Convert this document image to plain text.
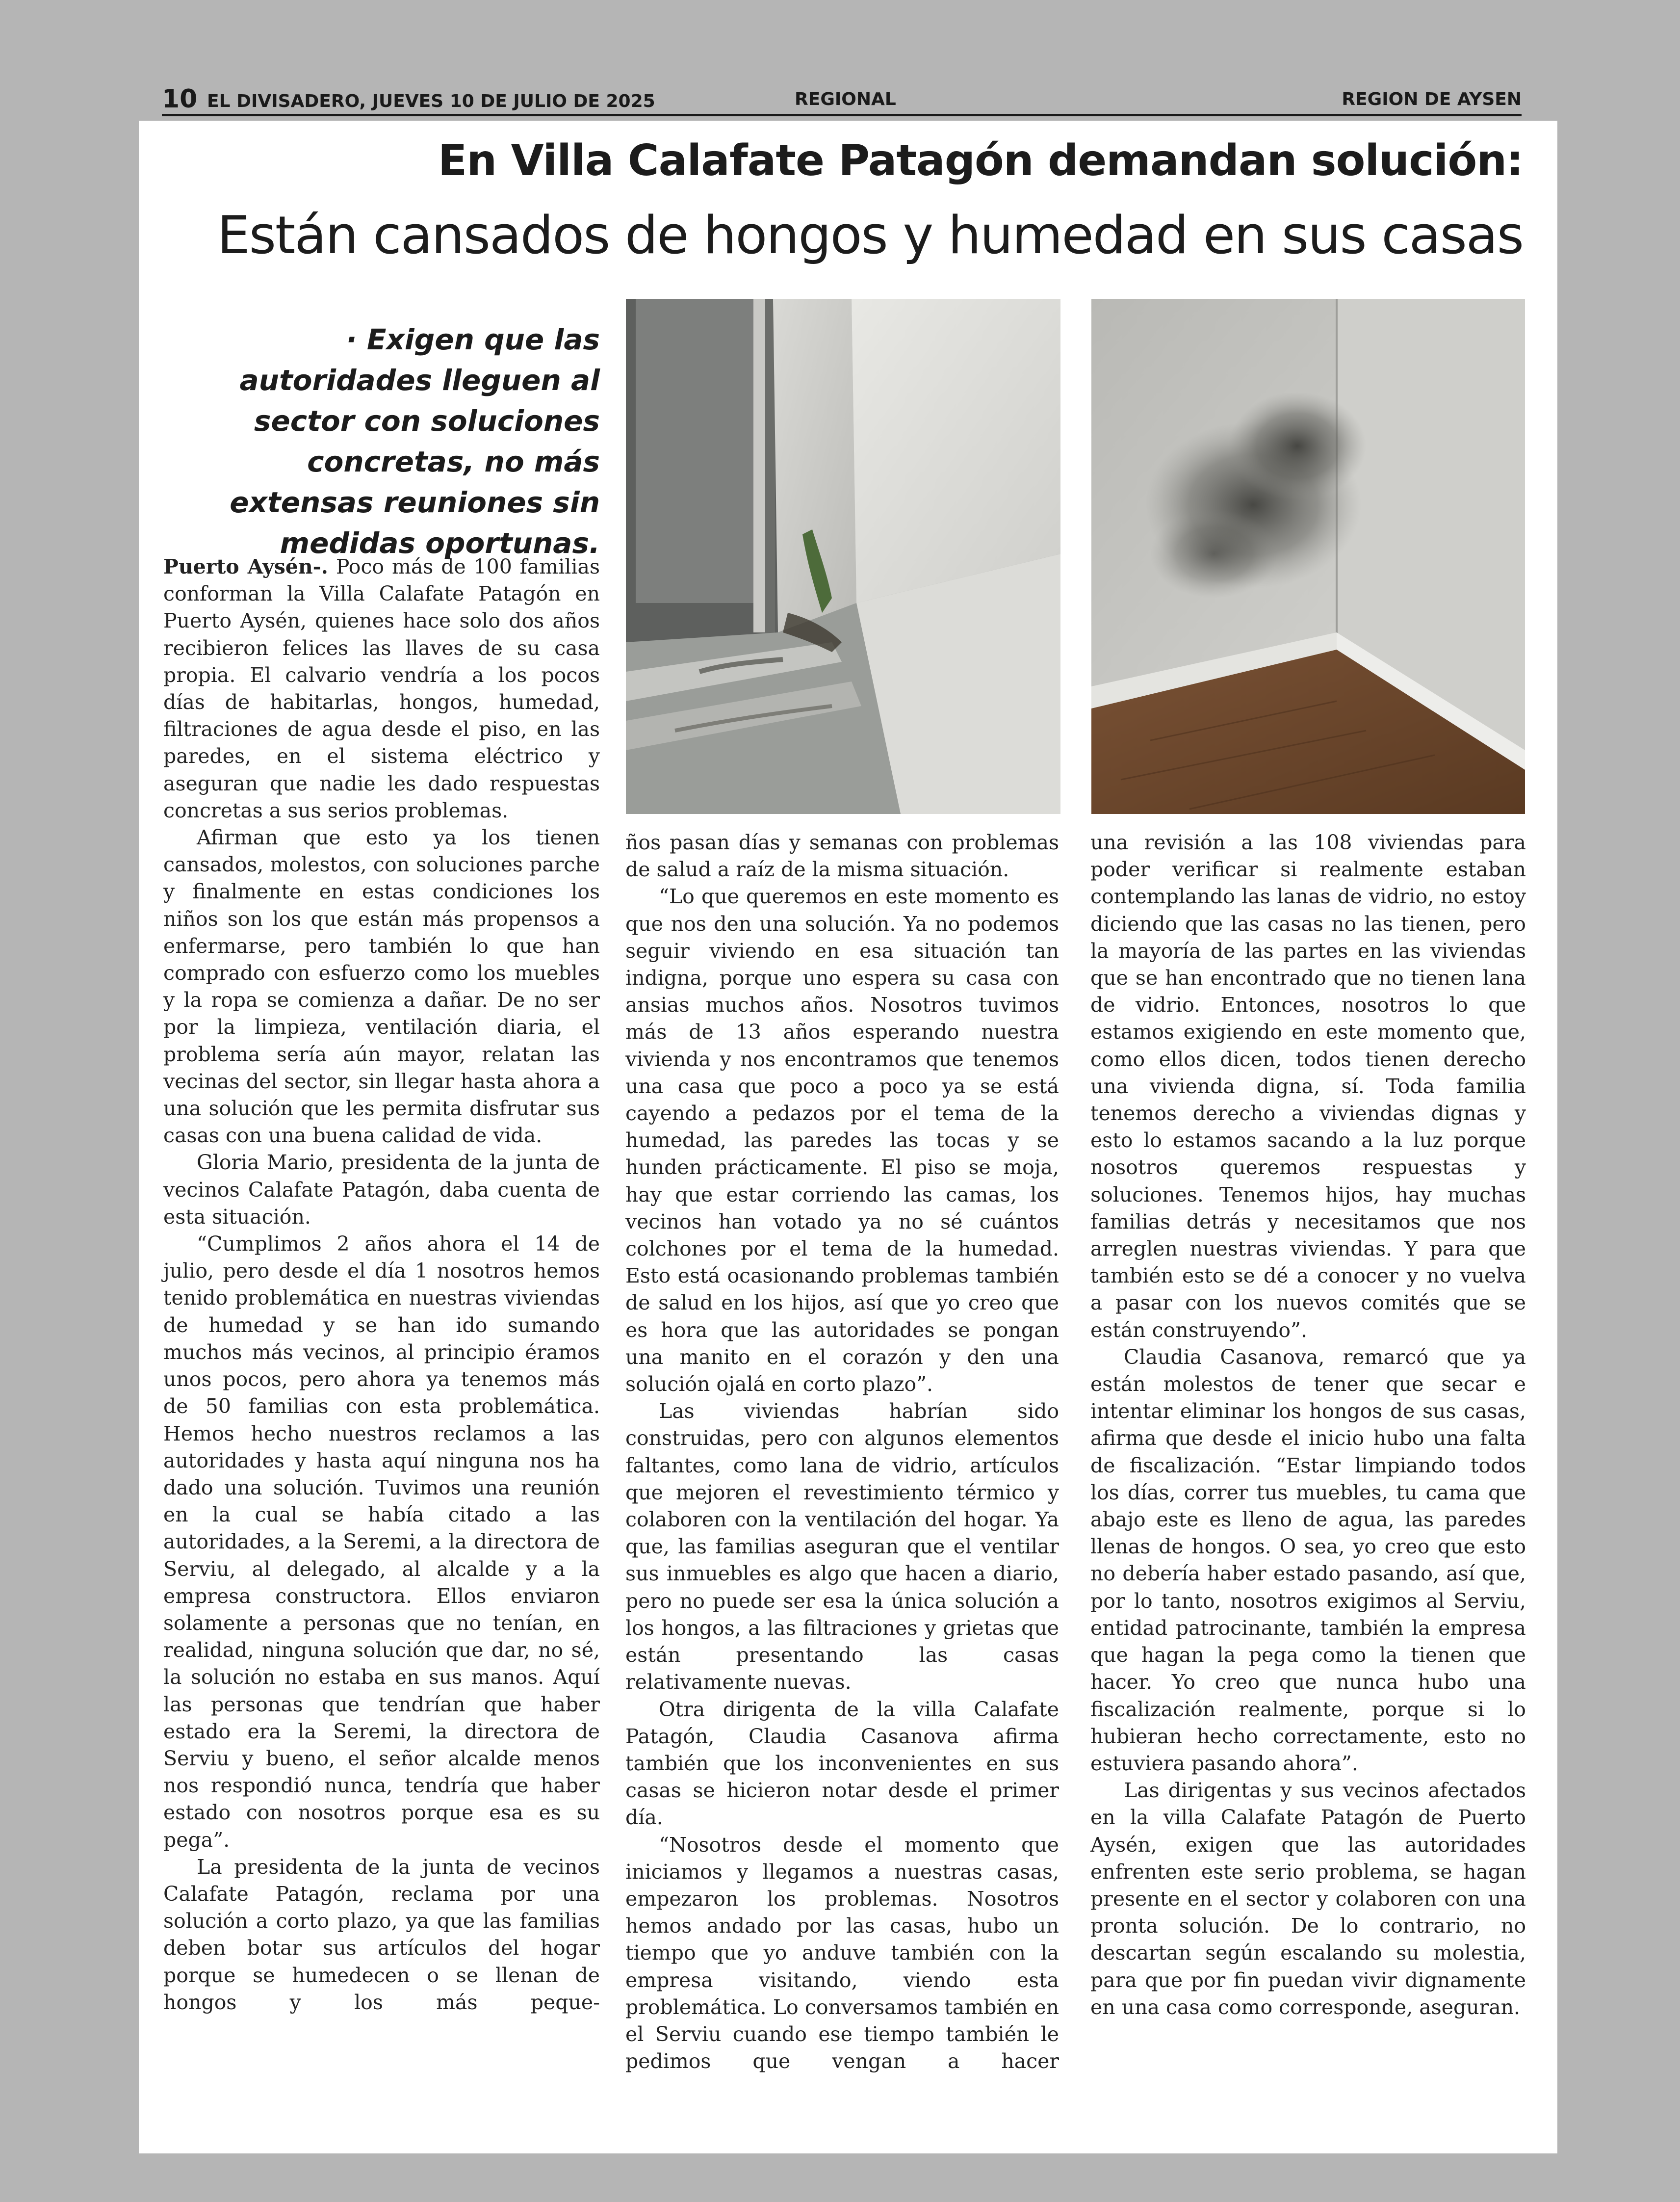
10 EL DIVISADERO, JUEVES 10 DE JULIO DE 2025	REGIONAL	REGION DE AYSEN
En Villa Calafate Patagón demandan solución:
Están cansados de hongos y humedad en sus casas
· Exigen que las autoridades lleguen al sector con soluciones concretas, no más extensas reuniones sin medidas oportunas.

Puerto Aysén-. Poco más de 100 familias conforman la Villa Calafate Patagón en Puerto Aysén, quienes hace solo dos años recibieron felices las llaves de su casa propia. El calvario vendría a los pocos días de habitarlas, hongos, humedad, filtraciones de agua desde el piso, en las paredes, en el sistema eléctrico y aseguran que nadie les dado respuestas concretas a sus serios problemas.

Afirman que esto ya los tienen cansados, molestos, con soluciones parche y finalmente en estas condiciones los niños son los que están más propensos a enfermarse, pero también lo que han comprado con esfuerzo como los muebles y la ropa se comienza a dañar. De no ser por la limpieza, ventilación diaria, el problema sería aún mayor, relatan las vecinas del sector, sin llegar hasta ahora a una solución que les permita disfrutar sus casas con una buena calidad de vida.

Gloria Mario, presidenta de la junta de vecinos Calafate Patagón, daba cuenta de esta situación.

“Cumplimos 2 años ahora el 14 de julio, pero desde el día 1 nosotros hemos tenido problemática en nuestras viviendas de humedad y se han ido sumando muchos más vecinos, al principio éramos unos pocos, pero ahora ya tenemos más de 50 familias con esta problemática. Hemos hecho nuestros reclamos a las autoridades y hasta aquí ninguna nos ha dado una solución. Tuvimos una reunión en la cual se había citado a las autoridades, a la Seremi, a la directora de Serviu, al delegado, al alcalde y a la empresa constructora. Ellos enviaron solamente a personas que no tenían, en realidad, ninguna solución que dar, no sé, la solución no estaba en sus manos. Aquí las personas que tendrían que haber estado era la Seremi, la directora de Serviu y bueno, el señor alcalde menos nos respondió nunca, tendría que haber estado con nosotros porque esa es su pega”.

La presidenta de la junta de vecinos Calafate Patagón, reclama por una solución a corto plazo, ya que las familias deben botar sus artículos del hogar porque se humedecen o se llenan de hongos y los más peque-

ños pasan días y semanas con problemas de salud a raíz de la misma situación.

“Lo que queremos en este momento es que nos den una solución. Ya no podemos seguir viviendo en esa situación tan indigna, porque uno espera su casa con ansias muchos años. Nosotros tuvimos más de 13 años esperando nuestra vivienda y nos encontramos que tenemos una casa que poco a poco ya se está cayendo a pedazos por el tema de la humedad, las paredes las tocas y se hunden prácticamente. El piso se moja, hay que estar corriendo las camas, los vecinos han votado ya no sé cuántos colchones por el tema de la humedad. Esto está ocasionando problemas también de salud en los hijos, así que yo creo que es hora que las autoridades se pongan una manito en el corazón y den una solución ojalá en corto plazo”.

Las viviendas habrían sido construidas, pero con algunos elementos faltantes, como lana de vidrio, artículos que mejoren el revestimiento térmico y colaboren con la ventilación del hogar. Ya que, las familias aseguran que el ventilar sus inmuebles es algo que hacen a diario, pero no puede ser esa la única solución a los hongos, a las filtraciones y grietas que están presentando las casas relativamente nuevas.

Otra dirigenta de la villa Calafate Patagón, Claudia Casanova afirma también que los inconvenientes en sus casas se hicieron notar desde el primer día.

“Nosotros desde el momento que iniciamos y llegamos a nuestras casas, empezaron los problemas. Nosotros hemos andado por las casas, hubo un tiempo que yo anduve también con la empresa visitando, viendo esta problemática. Lo conversamos también en el Serviu cuando ese tiempo también le pedimos que vengan a hacer

una revisión a las 108 viviendas para poder verificar si realmente estaban contemplando las lanas de vidrio, no estoy diciendo que las casas no las tienen, pero la mayoría de las partes en las viviendas que se han encontrado que no tienen lana de vidrio. Entonces, nosotros lo que estamos exigiendo en este momento que, como ellos dicen, todos tienen derecho una vivienda digna, sí. Toda familia tenemos derecho a viviendas dignas y esto lo estamos sacando a la luz porque nosotros queremos respuestas y soluciones. Tenemos hijos, hay muchas familias detrás y necesitamos que nos arreglen nuestras viviendas. Y para que también esto se dé a conocer y no vuelva a pasar con los nuevos comités que se están construyendo”.

Claudia Casanova, remarcó que ya están molestos de tener que secar e intentar eliminar los hongos de sus casas, afirma que desde el inicio hubo una falta de fiscalización. “Estar limpiando todos los días, correr tus muebles, tu cama que abajo este es lleno de agua, las paredes llenas de hongos. O sea, yo creo que esto no debería haber estado pasando, así que, por lo tanto, nosotros exigimos al Serviu, entidad patrocinante, también la empresa que hagan la pega como la tienen que hacer. Yo creo que nunca hubo una fiscalización realmente, porque si lo hubieran hecho correctamente, esto no estuviera pasando ahora”.

Las dirigentas y sus vecinos afectados en la villa Calafate Patagón de Puerto Aysén, exigen que las autoridades enfrenten este serio problema, se hagan presente en el sector y colaboren con una pronta solución. De lo contrario, no descartan según escalando su molestia, para que por fin puedan vivir dignamente en una casa como corresponde, aseguran.
